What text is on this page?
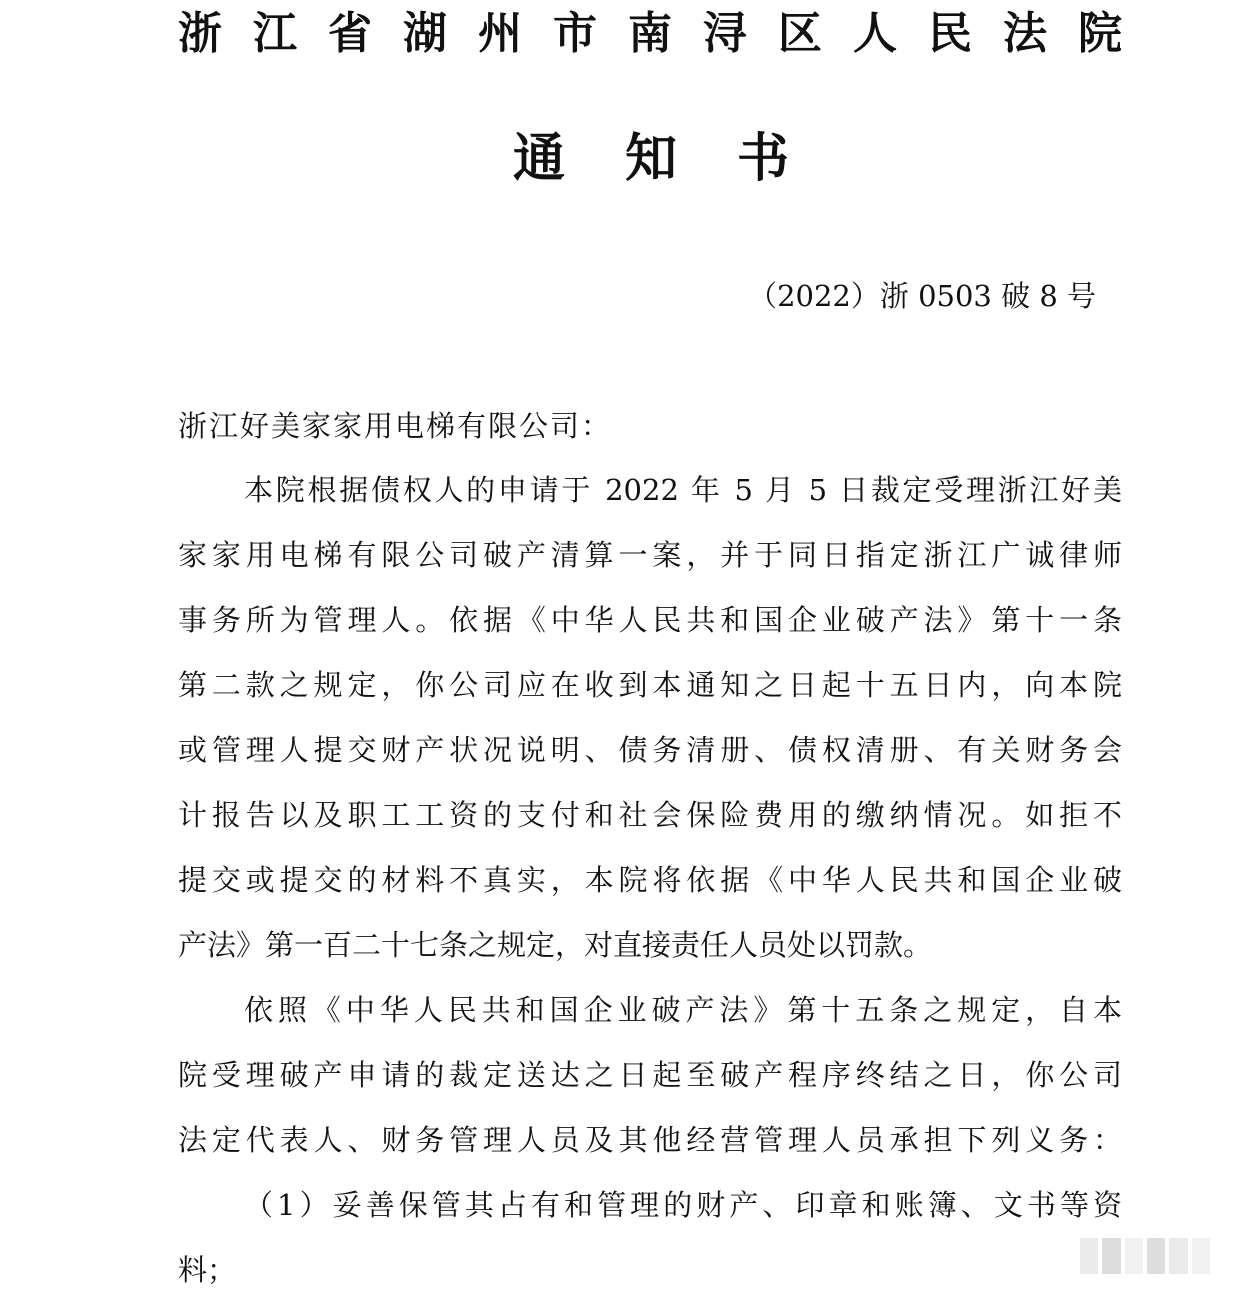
浙 江 省 湖 州 市 南 浔 区 人 民 法 院
通 知 书
（2022）浙 0503 破 8 号
浙江好美家家用电梯有限公司：
本院根据债权人的申请于 2022 年 5 月 5 日裁定受理浙江好美
家家用电梯有限公司破产清算一案，并于同日指定浙江广诚律师
事务所为管理人。依据《中华人民共和国企业破产法》第十一条
第二款之规定，你公司应在收到本通知之日起十五日内，向本院
或管理人提交财产状况说明、债务清册、债权清册、有关财务会
计报告以及职工工资的支付和社会保险费用的缴纳情况。如拒不
提交或提交的材料不真实，本院将依据《中华人民共和国企业破
产法》第一百二十七条之规定，对直接责任人员处以罚款。
依照《中华人民共和国企业破产法》第十五条之规定，自本
院受理破产申请的裁定送达之日起至破产程序终结之日，你公司
法定代表人、财务管理人员及其他经营管理人员承担下列义务：
（1）妥善保管其占有和管理的财产、印章和账簿、文书等资
料；
